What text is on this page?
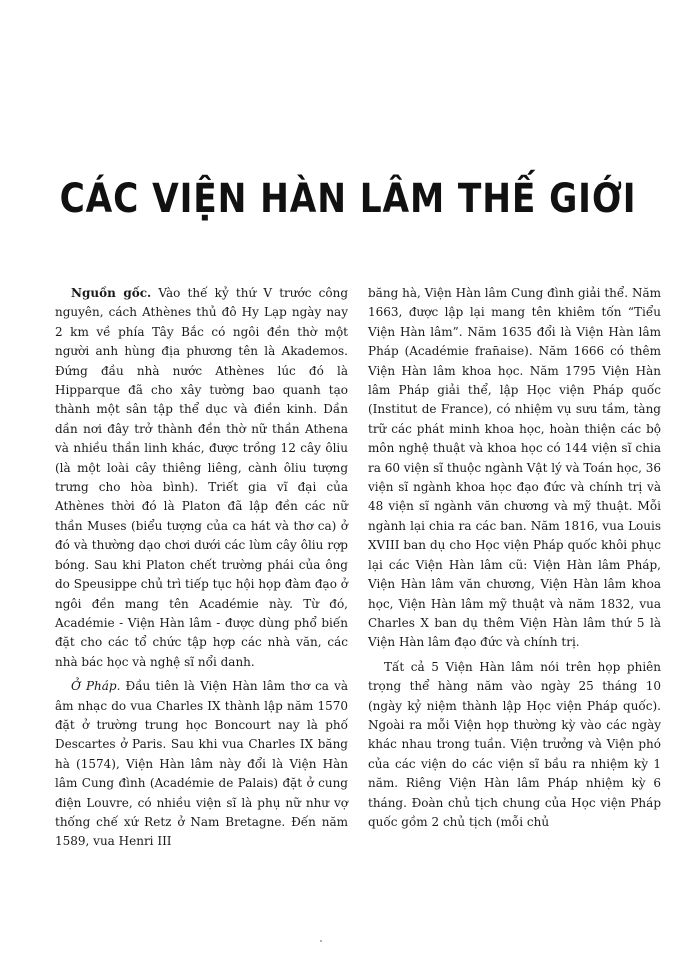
CÁC VIỆN HÀN LÂM THẾ GIỚI

Nguồn gốc. Vào thế kỷ thứ V trước công nguyên, cách Athènes thủ đô Hy Lạp ngày nay 2 km về phía Tây Bắc có ngôi đền thờ một người anh hùng địa phương tên là Akademos. Đứng đầu nhà nước Athènes lúc đó là Hipparque đã cho xây tường bao quanh tạo thành một sân tập thể dục và điền kinh. Dần dần nơi đây trở thành đền thờ nữ thần Athena và nhiều thần linh khác, được trồng 12 cây ôliu (là một loài cây thiêng liêng, cành ôliu tượng trưng cho hòa bình). Triết gia vĩ đại của Athènes thời đó là Platon đã lập đền các nữ thần Muses (biểu tượng của ca hát và thơ ca) ở đó và thường dạo chơi dưới các lùm cây ôliu rợp bóng. Sau khi Platon chết trường phái của ông do Speusippe chủ trì tiếp tục hội họp đàm đạo ở ngôi đền mang tên Académie này. Từ đó, Académie - Viện Hàn lâm - được dùng phổ biến đặt cho các tổ chức tập hợp các nhà văn, các nhà bác học và nghệ sĩ nổi danh.

Ở Pháp. Đầu tiên là Viện Hàn lâm thơ ca và âm nhạc do vua Charles IX thành lập năm 1570 đặt ở trường trung học Boncourt nay là phố Descartes ở Paris. Sau khi vua Charles IX băng hà (1574), Viện Hàn lâm này đổi là Viện Hàn lâm Cung đình (Académie de Palais) đặt ở cung điện Louvre, có nhiều viện sĩ là phụ nữ như vợ thống chế xứ Retz ở Nam Bretagne. Đến năm 1589, vua Henri III

băng hà, Viện Hàn lâm Cung đình giải thể. Năm 1663, được lập lại mang tên khiêm tốn “Tiểu Viện Hàn lâm”. Năm 1635 đổi là Viện Hàn lâm Pháp (Académie fran̄aise). Năm 1666 có thêm Viện Hàn lâm khoa học. Năm 1795 Viện Hàn lâm Pháp giải thể, lập Học viện Pháp quốc (Institut de France), có nhiệm vụ sưu tầm, tàng trữ các phát minh khoa học, hoàn thiện các bộ môn nghệ thuật và khoa học có 144 viện sĩ chia ra 60 viện sĩ thuộc ngành Vật lý và Toán học, 36 viện sĩ ngành khoa học đạo đức và chính trị và 48 viện sĩ ngành văn chương và mỹ thuật. Mỗi ngành lại chia ra các ban. Năm 1816, vua Louis XVIII ban dụ cho Học viện Pháp quốc khôi phục lại các Viện Hàn lâm cũ: Viện Hàn lâm Pháp, Viện Hàn lâm văn chương, Viện Hàn lâm khoa học, Viện Hàn lâm mỹ thuật và năm 1832, vua Charles X ban dụ thêm Viện Hàn lâm thứ 5 là Viện Hàn lâm đạo đức và chính trị.

Tất cả 5 Viện Hàn lâm nói trên họp phiên trọng thể hàng năm vào ngày 25 tháng 10 (ngày kỷ niệm thành lập Học viện Pháp quốc). Ngoài ra mỗi Viện họp thường kỳ vào các ngày khác nhau trong tuần. Viện trưởng và Viện phó của các viện do các viện sĩ bầu ra nhiệm kỳ 1 năm. Riêng Viện Hàn lâm Pháp nhiệm kỳ 6 tháng. Đoàn chủ tịch chung của Học viện Pháp quốc gồm 2 chủ tịch (mỗi chủ
